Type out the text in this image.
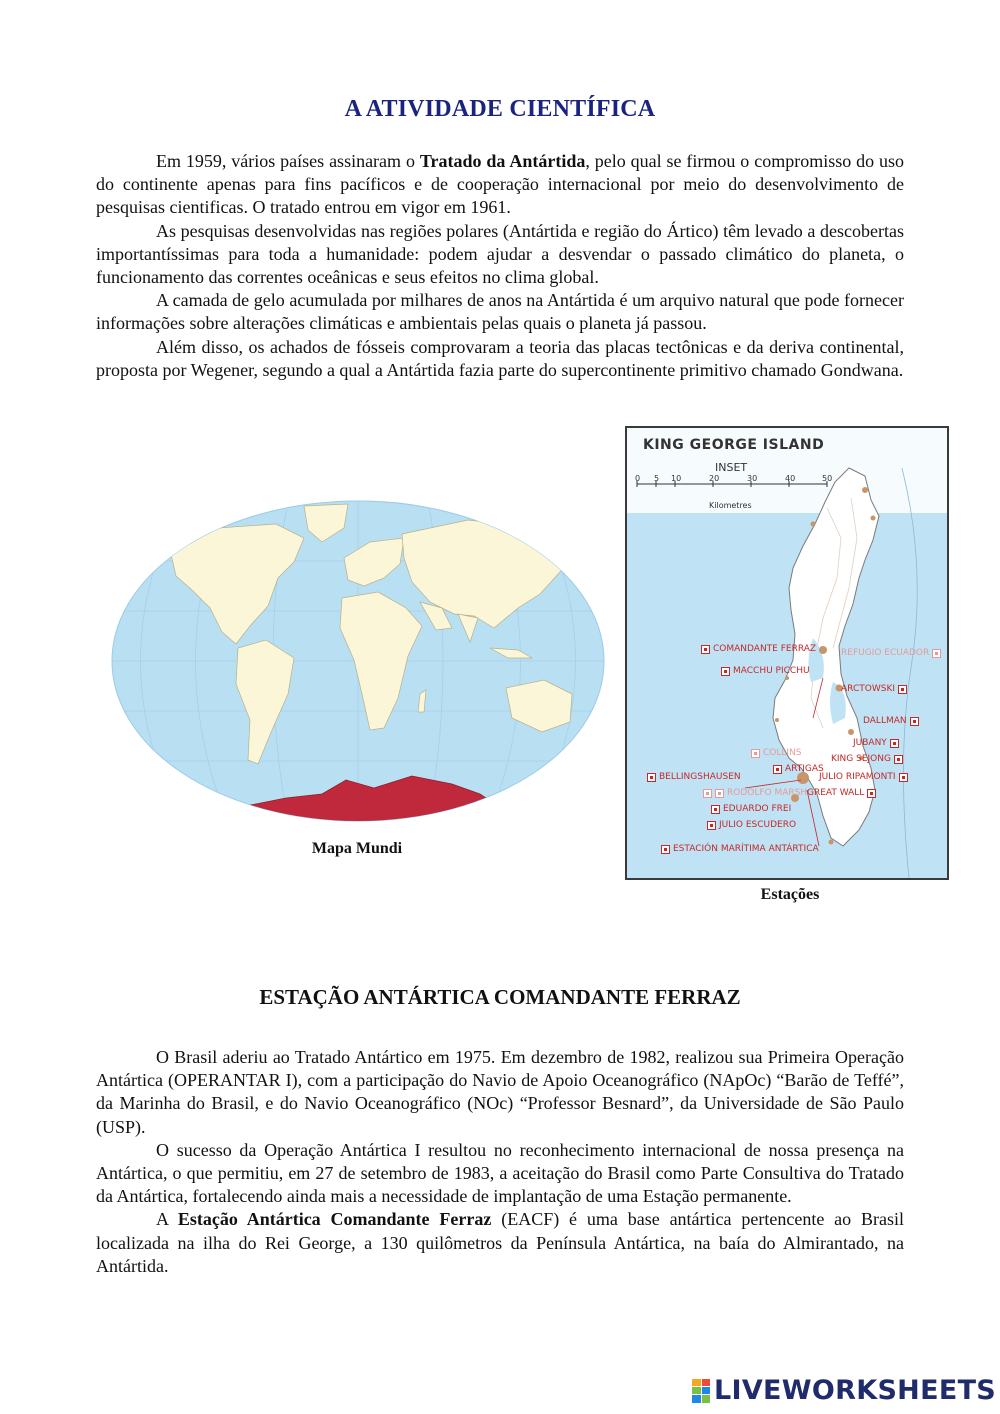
A ATIVIDADE CIENTÍFICA

Em 1959, vários países assinaram o Tratado da Antártida, pelo qual se firmou o compromisso do uso do continente apenas para fins pacíficos e de cooperação internacional por meio do desenvolvimento de pesquisas cientificas. O tratado entrou em vigor em 1961.

As pesquisas desenvolvidas nas regiões polares (Antártida e região do Ártico) têm levado a descobertas importantíssimas para toda a humanidade: podem ajudar a desvendar o passado climático do planeta, o funcionamento das correntes oceânicas e seus efeitos no clima global.

A camada de gelo acumulada por milhares de anos na Antártida é um arquivo natural que pode fornecer informações sobre alterações climáticas e ambientais pelas quais o planeta já passou.

Além disso, os achados de fósseis comprovaram a teoria das placas tectônicas e da deriva continental, proposta por Wegener, segundo a qual a Antártida fazia parte do supercontinente primitivo chamado Gondwana.

Mapa Mundi
KING GEORGE ISLAND
INSET
0 5 10	20	30	40	50
Kilometres
COMANDANTE FERRAZ	REFUGIO ECUADOR
MACCHU PICCHU
ARCTOWSKI
DALLMAN
JUBANY
KING SEJONG
COLLINS
ARTIGAS
BELLINGSHAUSEN	JULIO RIPAMONTI
RODOLFO MARSH GREAT WALL
EDUARDO FREI
JULIO ESCUDERO
ESTACIÓN MARÍTIMA ANTÁRTICA
Estações
ESTAÇÃO ANTÁRTICA COMANDANTE FERRAZ

O Brasil aderiu ao Tratado Antártico em 1975. Em dezembro de 1982, realizou sua Primeira Operação Antártica (OPERANTAR I), com a participação do Navio de Apoio Oceanográfico (NApOc) “Barão de Teffé”, da Marinha do Brasil, e do Navio Oceanográfico (NOc) “Professor Besnard”, da Universidade de São Paulo (USP).

O sucesso da Operação Antártica I resultou no reconhecimento internacional de nossa presença na Antártica, o que permitiu, em 27 de setembro de 1983, a aceitação do Brasil como Parte Consultiva do Tratado da Antártica, fortalecendo ainda mais a necessidade de implantação de uma Estação permanente.

A Estação Antártica Comandante Ferraz (EACF) é uma base antártica pertencente ao Brasil localizada na ilha do Rei George, a 130 quilômetros da Península Antártica, na baía do Almirantado, na Antártida.

LIVEWORKSHEETS
